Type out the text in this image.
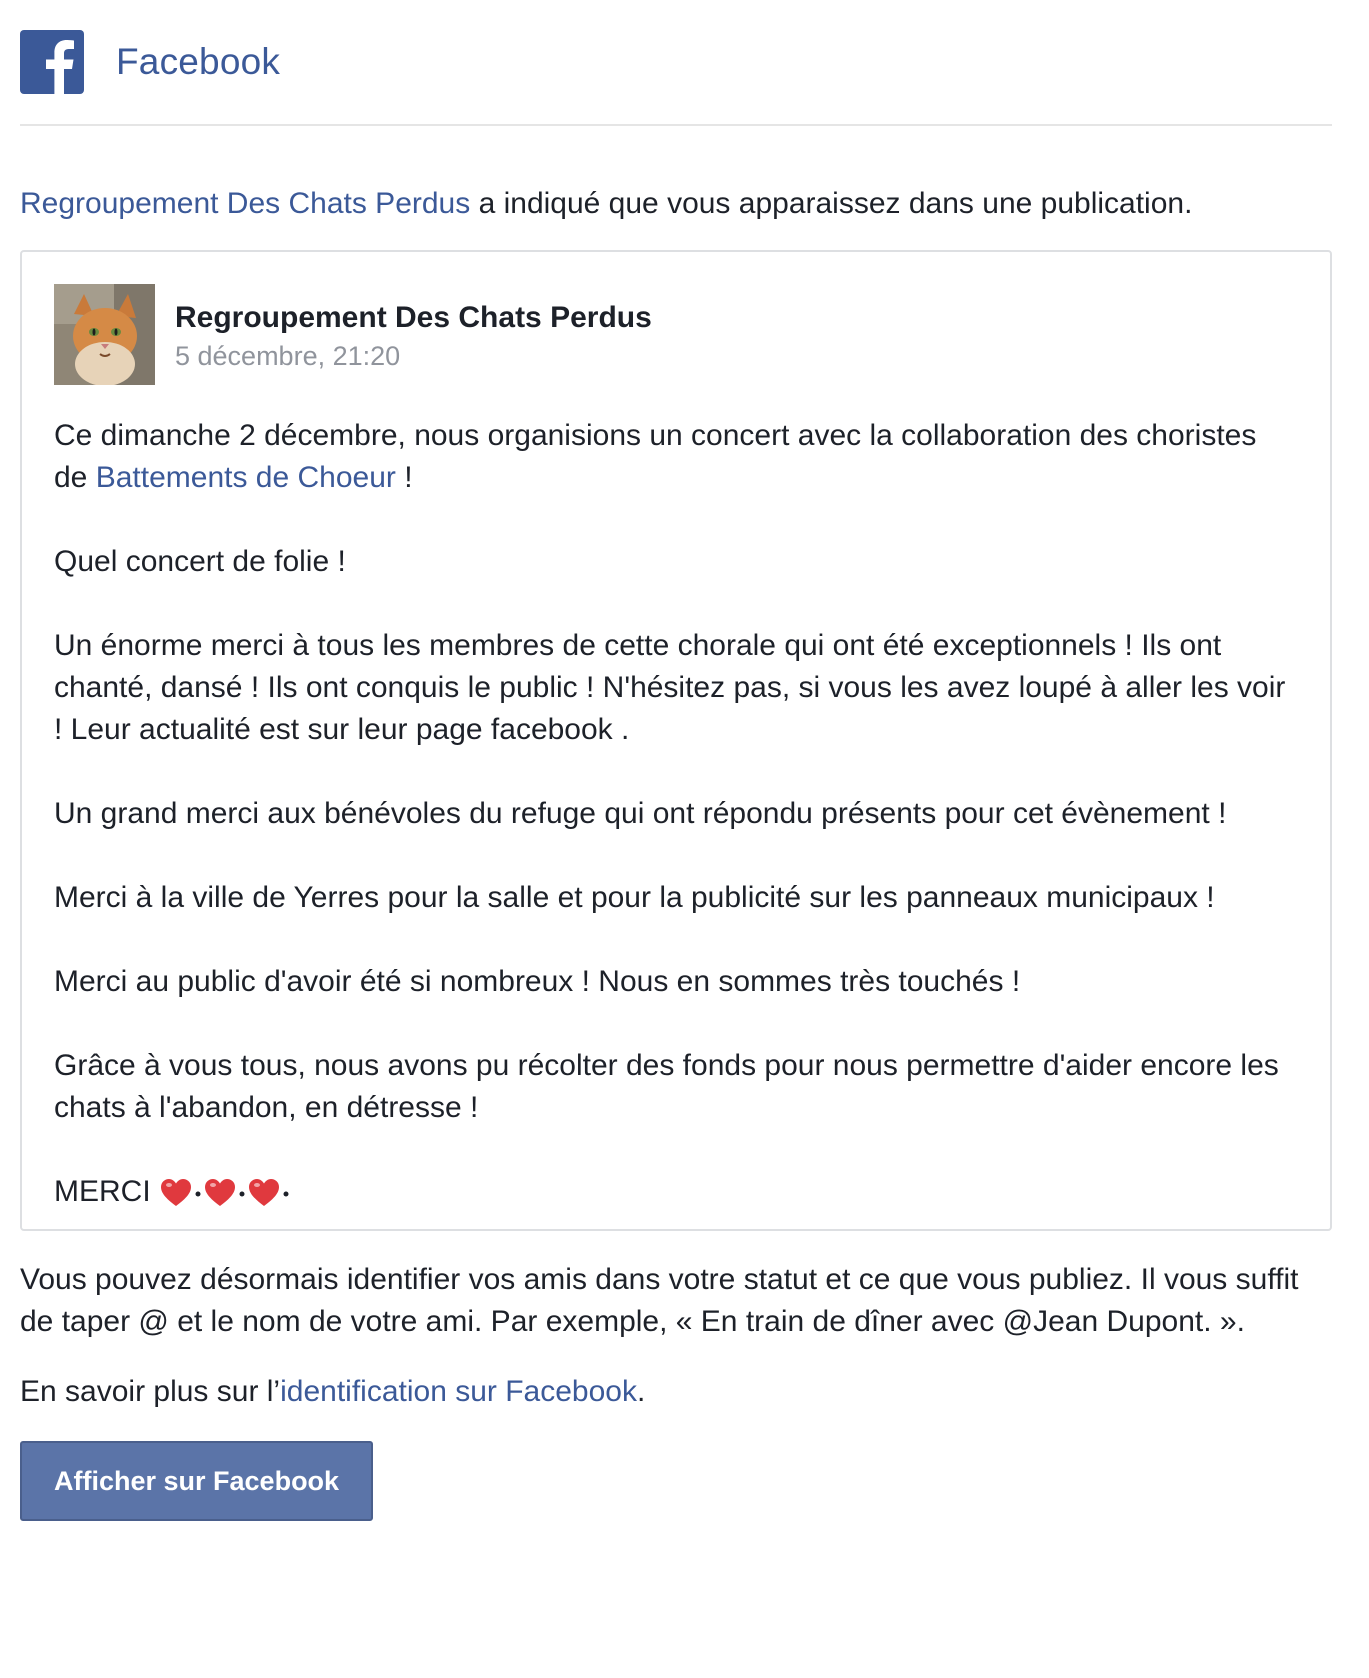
Facebook
Regroupement Des Chats Perdus a indiqué que vous apparaissez dans une publication.
Regroupement Des Chats Perdus
5 décembre, 21:20

Ce dimanche 2 décembre, nous organisions un concert avec la collaboration des choristes de Battements de Choeur !

Quel concert de folie !

Un énorme merci à tous les membres de cette chorale qui ont été exceptionnels ! Ils ont chanté, dansé ! Ils ont conquis le public ! N'hésitez pas, si vous les avez loupé à aller les voir ! Leur actualité est sur leur page facebook .

Un grand merci aux bénévoles du refuge qui ont répondu présents pour cet évènement !

Merci à la ville de Yerres pour la salle et pour la publicité sur les panneaux municipaux !

Merci au public d'avoir été si nombreux ! Nous en sommes très touchés !

Grâce à vous tous, nous avons pu récolter des fonds pour nous permettre d'aider encore les chats à l'abandon, en détresse !

MERCI

Vous pouvez désormais identifier vos amis dans votre statut et ce que vous publiez. Il vous suffit de taper @ et le nom de votre ami. Par exemple, « En train de dîner avec @Jean Dupont. ».
En savoir plus sur l’identification sur Facebook.
Afficher sur Facebook
